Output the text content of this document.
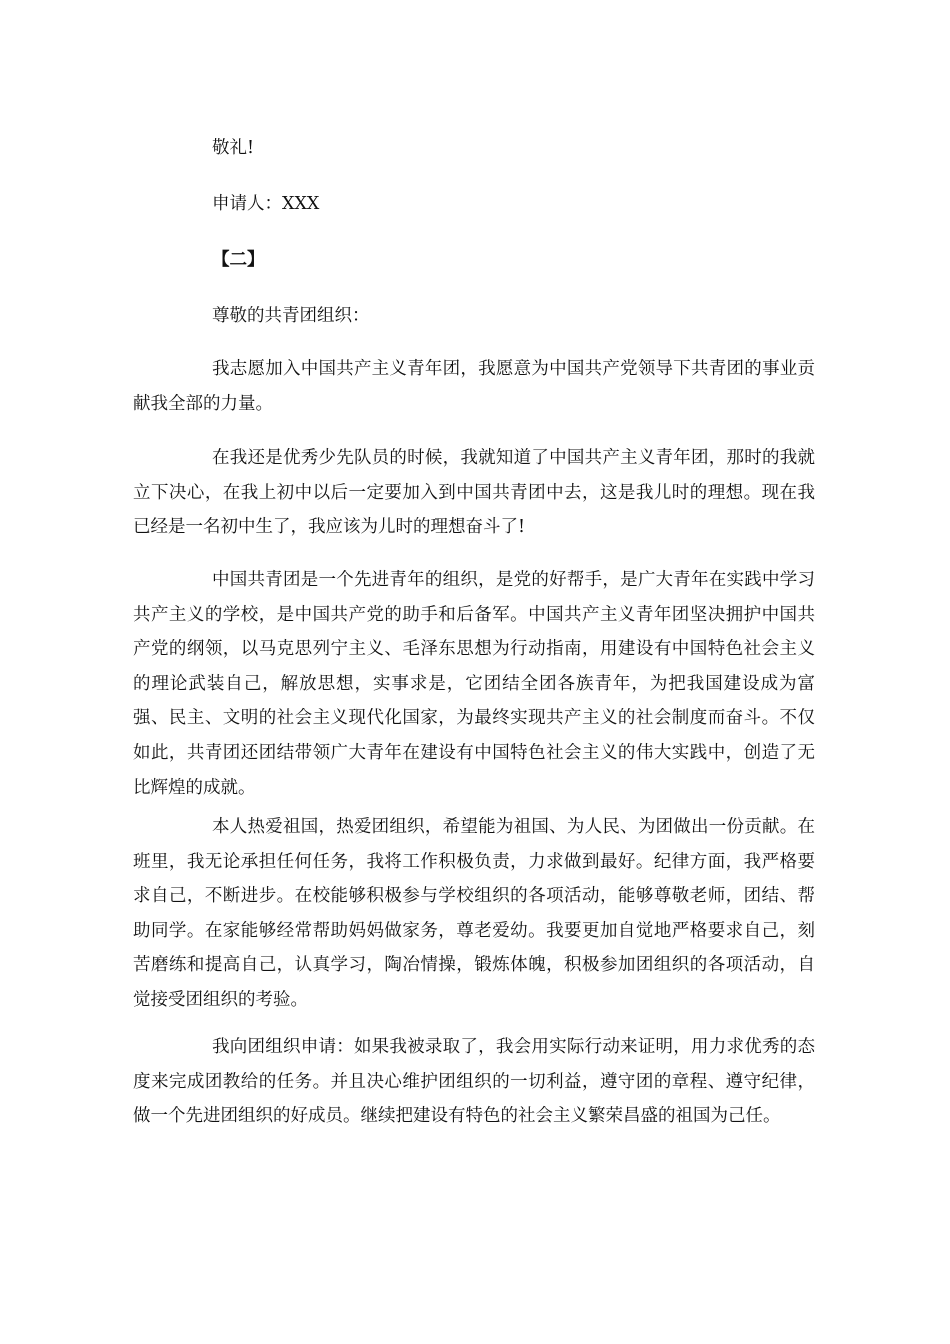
敬礼!
申请人：XXX
【二】
尊敬的共青团组织：

我志愿加入中国共产主义青年团，我愿意为中国共产党领导下共青团的事业贡献我全部的力量。

在我还是优秀少先队员的时候，我就知道了中国共产主义青年团，那时的我就立下决心，在我上初中以后一定要加入到中国共青团中去，这是我儿时的理想。现在我已经是一名初中生了，我应该为儿时的理想奋斗了!

中国共青团是一个先进青年的组织，是党的好帮手，是广大青年在实践中学习共产主义的学校，是中国共产党的助手和后备军。中国共产主义青年团坚决拥护中国共产党的纲领，以马克思列宁主义、毛泽东思想为行动指南，用建设有中国特色社会主义的理论武装自己，解放思想，实事求是，它团结全团各族青年，为把我国建设成为富强、民主、文明的社会主义现代化国家，为最终实现共产主义的社会制度而奋斗。不仅如此，共青团还团结带领广大青年在建设有中国特色社会主义的伟大实践中，创造了无比辉煌的成就。

本人热爱祖国，热爱团组织，希望能为祖国、为人民、为团做出一份贡献。在班里，我无论承担任何任务，我将工作积极负责，力求做到最好。纪律方面，我严格要求自己，不断进步。在校能够积极参与学校组织的各项活动，能够尊敬老师，团结、帮助同学。在家能够经常帮助妈妈做家务，尊老爱幼。我要更加自觉地严格要求自己，刻苦磨练和提高自己，认真学习，陶冶情操，锻炼体魄，积极参加团组织的各项活动，自觉接受团组织的考验。

我向团组织申请：如果我被录取了，我会用实际行动来证明，用力求优秀的态度来完成团教给的任务。并且决心维护团组织的一切利益，遵守团的章程、遵守纪律，做一个先进团组织的好成员。继续把建设有特色的社会主义繁荣昌盛的祖国为己任。
